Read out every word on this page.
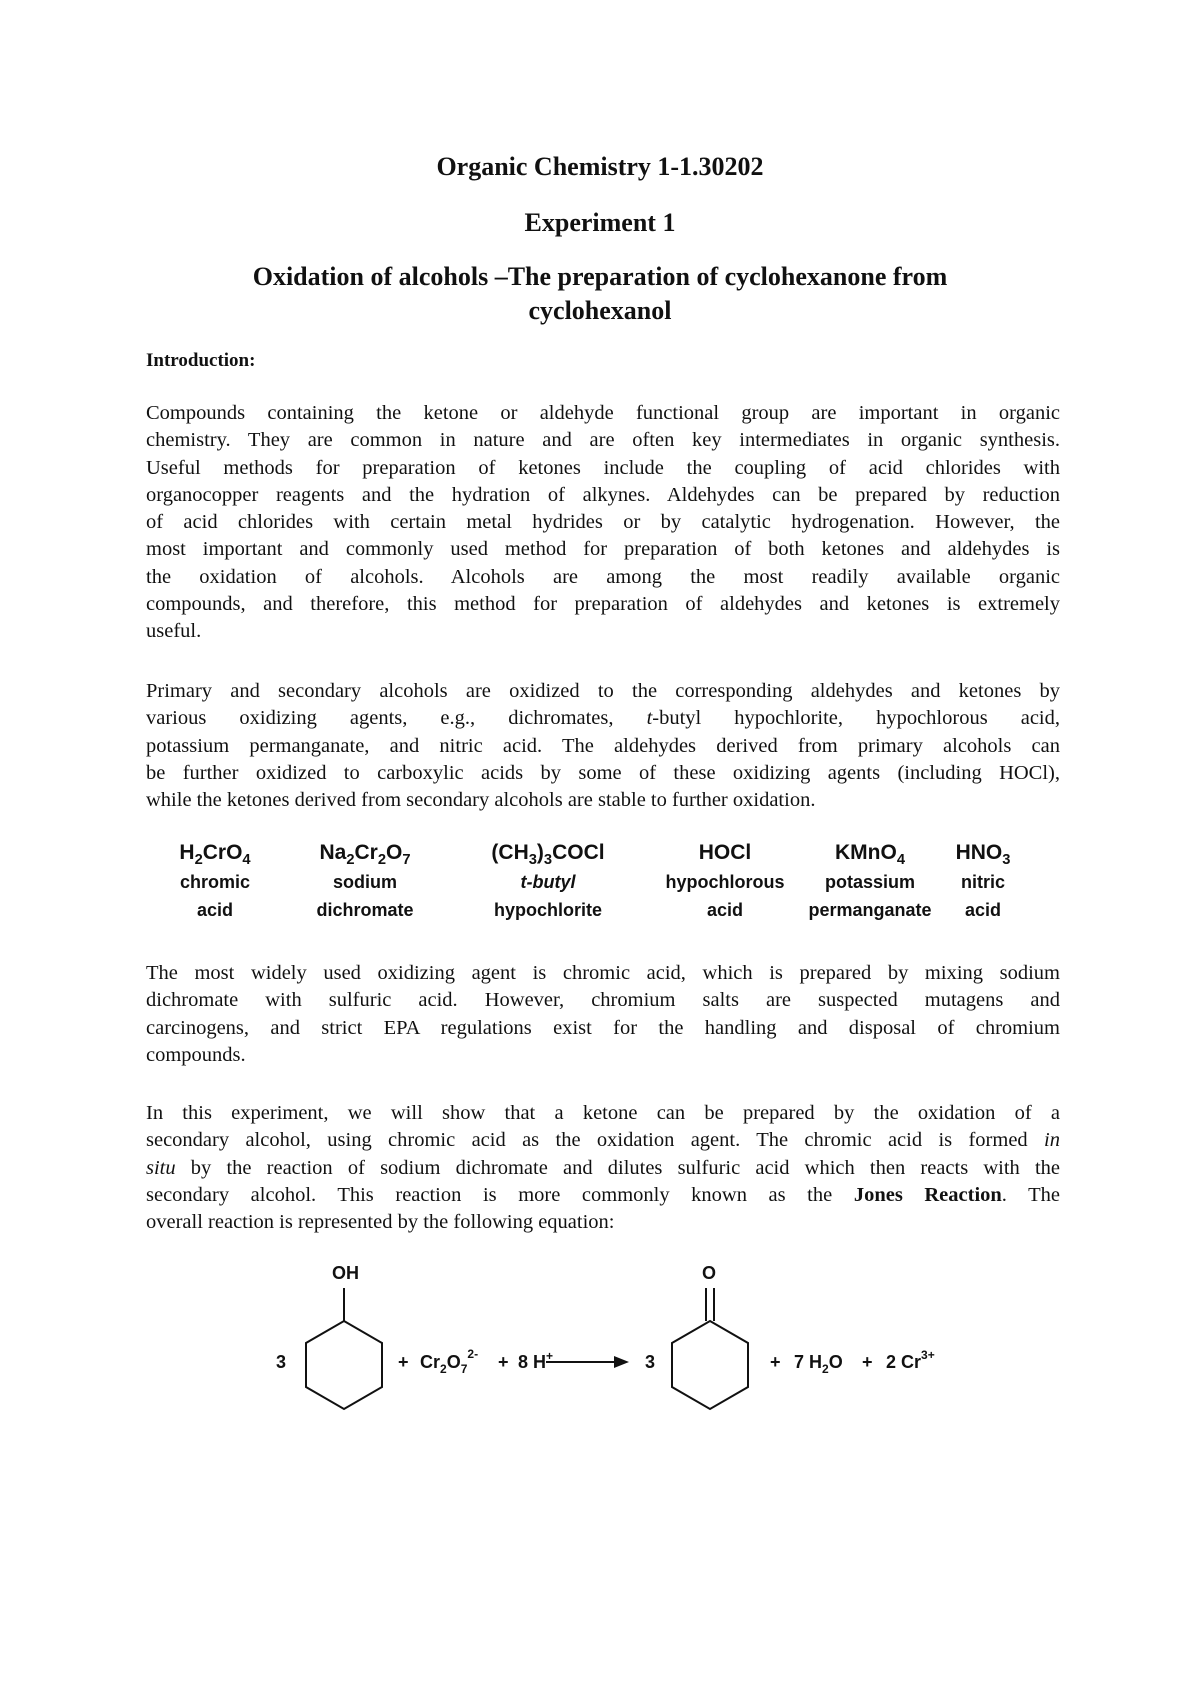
Organic Chemistry 1-1.30202
Experiment 1
Oxidation of alcohols –The preparation of cyclohexanone from
cyclohexanol
Introduction:
Compounds containing the ketone or aldehyde functional group are important in organic
chemistry. They are common in nature and are often key intermediates in organic synthesis.
Useful methods for preparation of ketones include the coupling of acid chlorides with
organocopper reagents and the hydration of alkynes. Aldehydes can be prepared by reduction
of acid chlorides with certain metal hydrides or by catalytic hydrogenation. However, the
most important and commonly used method for preparation of both ketones and aldehydes is
the oxidation of alcohols. Alcohols are among the most readily available organic
compounds, and therefore, this method for preparation of aldehydes and ketones is extremely
useful.
Primary and secondary alcohols are oxidized to the corresponding aldehydes and ketones by
various oxidizing agents, e.g., dichromates, t-butyl hypochlorite, hypochlorous acid,
potassium permanganate, and nitric acid. The aldehydes derived from primary alcohols can
be further oxidized to carboxylic acids by some of these oxidizing agents (including HOCl),
while the ketones derived from secondary alcohols are stable to further oxidation.
$H_2CrO_4$
chromic
acid
$Na_2Cr_2O_7$
sodium
dichromate
$(CH_3)_3COCl$
t-butyl
hypochlorite
HOCl
hypochlorous
acid
KMnO$_4$
potassium
permanganate
$HNO_3$
nitric
acid
The most widely used oxidizing agent is chromic acid, which is prepared by mixing sodium
dichromate with sulfuric acid. However, chromium salts are suspected mutagens and
carcinogens, and strict EPA regulations exist for the handling and disposal of chromium
compounds.
In this experiment, we will show that a ketone can be prepared by the oxidation of a
secondary alcohol, using chromic acid as the oxidation agent. The chromic acid is formed in
situ by the reaction of sodium dichromate and dilutes sulfuric acid which then reacts with the
secondary alcohol. This reaction is more commonly known as the Jones Reaction. The
overall reaction is represented by the following equation:
3
OH
+ $Cr_2O_7^{2-} + 8$ H+	3
O
+ 7 $H_2O + 2$ $Cr^{3+}$
